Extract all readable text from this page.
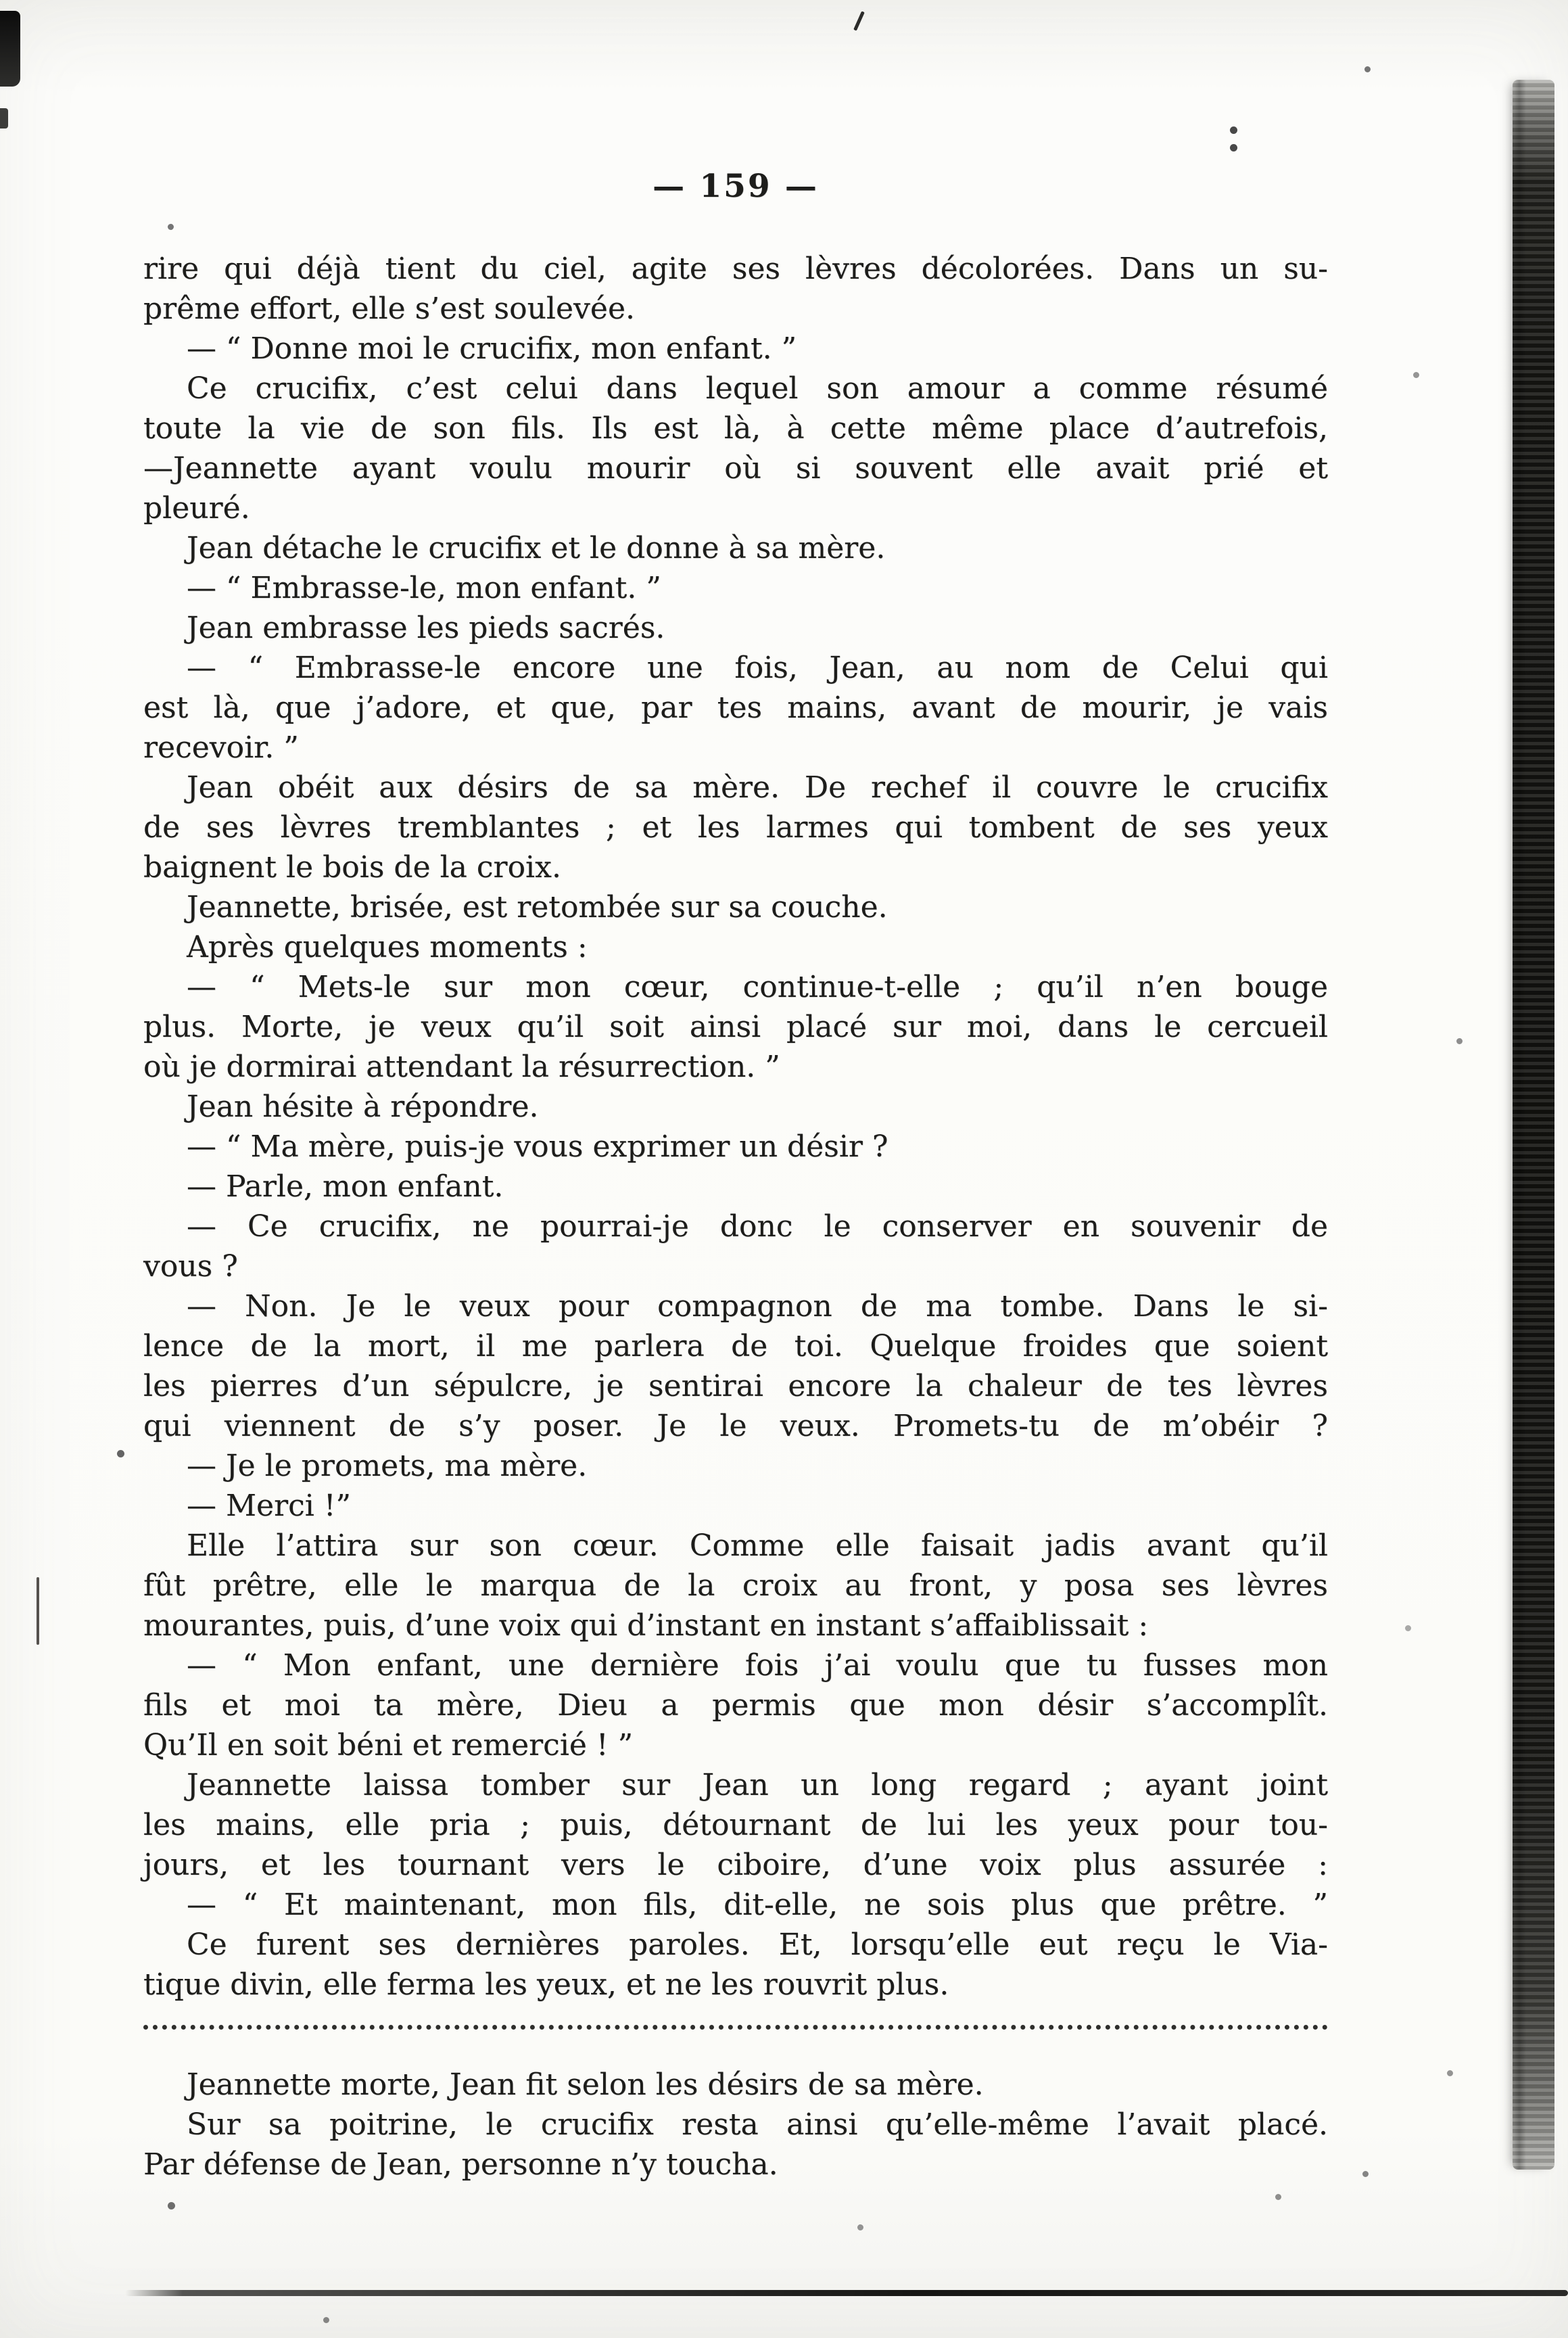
— 159 —
rire qui déjà tient du ciel, agite ses lèvres décolorées. Dans un su-
prême effort, elle s’est soulevée.
— “ Donne moi le crucifix, mon enfant. ”
Ce crucifix, c’est celui dans lequel son amour a comme résumé
toute la vie de son fils. Ils est là, à cette même place d’autrefois,
—Jeannette ayant voulu mourir où si souvent elle avait prié et
pleuré.
Jean détache le crucifix et le donne à sa mère.
— “ Embrasse-le, mon enfant. ”
Jean embrasse les pieds sacrés.
— “ Embrasse-le encore une fois, Jean, au nom de Celui qui
est là, que j’adore, et que, par tes mains, avant de mourir, je vais
recevoir. ”
Jean obéit aux désirs de sa mère. De rechef il couvre le crucifix
de ses lèvres tremblantes ; et les larmes qui tombent de ses yeux
baignent le bois de la croix.
Jeannette, brisée, est retombée sur sa couche.
Après quelques moments :
— “ Mets-le sur mon cœur, continue-t-elle ; qu’il n’en bouge
plus. Morte, je veux qu’il soit ainsi placé sur moi, dans le cercueil
où je dormirai attendant la résurrection. ”
Jean hésite à répondre.
— “ Ma mère, puis-je vous exprimer un désir ?
— Parle, mon enfant.
— Ce crucifix, ne pourrai-je donc le conserver en souvenir de
vous ?
— Non. Je le veux pour compagnon de ma tombe. Dans le si-
lence de la mort, il me parlera de toi. Quelque froides que soient
les pierres d’un sépulcre, je sentirai encore la chaleur de tes lèvres
qui viennent de s’y poser. Je le veux. Promets-tu de m’obéir ?
— Je le promets, ma mère.
— Merci !”
Elle l’attira sur son cœur. Comme elle faisait jadis avant qu’il
fût prêtre, elle le marqua de la croix au front, y posa ses lèvres
mourantes, puis, d’une voix qui d’instant en instant s’affaiblissait :
— “ Mon enfant, une dernière fois j’ai voulu que tu fusses mon
fils et moi ta mère, Dieu a permis que mon désir s’accomplît.
Qu’Il en soit béni et remercié ! ”
Jeannette laissa tomber sur Jean un long regard ; ayant joint
les mains, elle pria ; puis, détournant de lui les yeux pour tou-
jours, et les tournant vers le ciboire, d’une voix plus assurée :
— “ Et maintenant, mon fils, dit-elle, ne sois plus que prêtre. ”
Ce furent ses dernières paroles. Et, lorsqu’elle eut reçu le Via-
tique divin, elle ferma les yeux, et ne les rouvrit plus.
Jeannette morte, Jean fit selon les désirs de sa mère.
Sur sa poitrine, le crucifix resta ainsi qu’elle-même l’avait placé.
Par défense de Jean, personne n’y toucha.
